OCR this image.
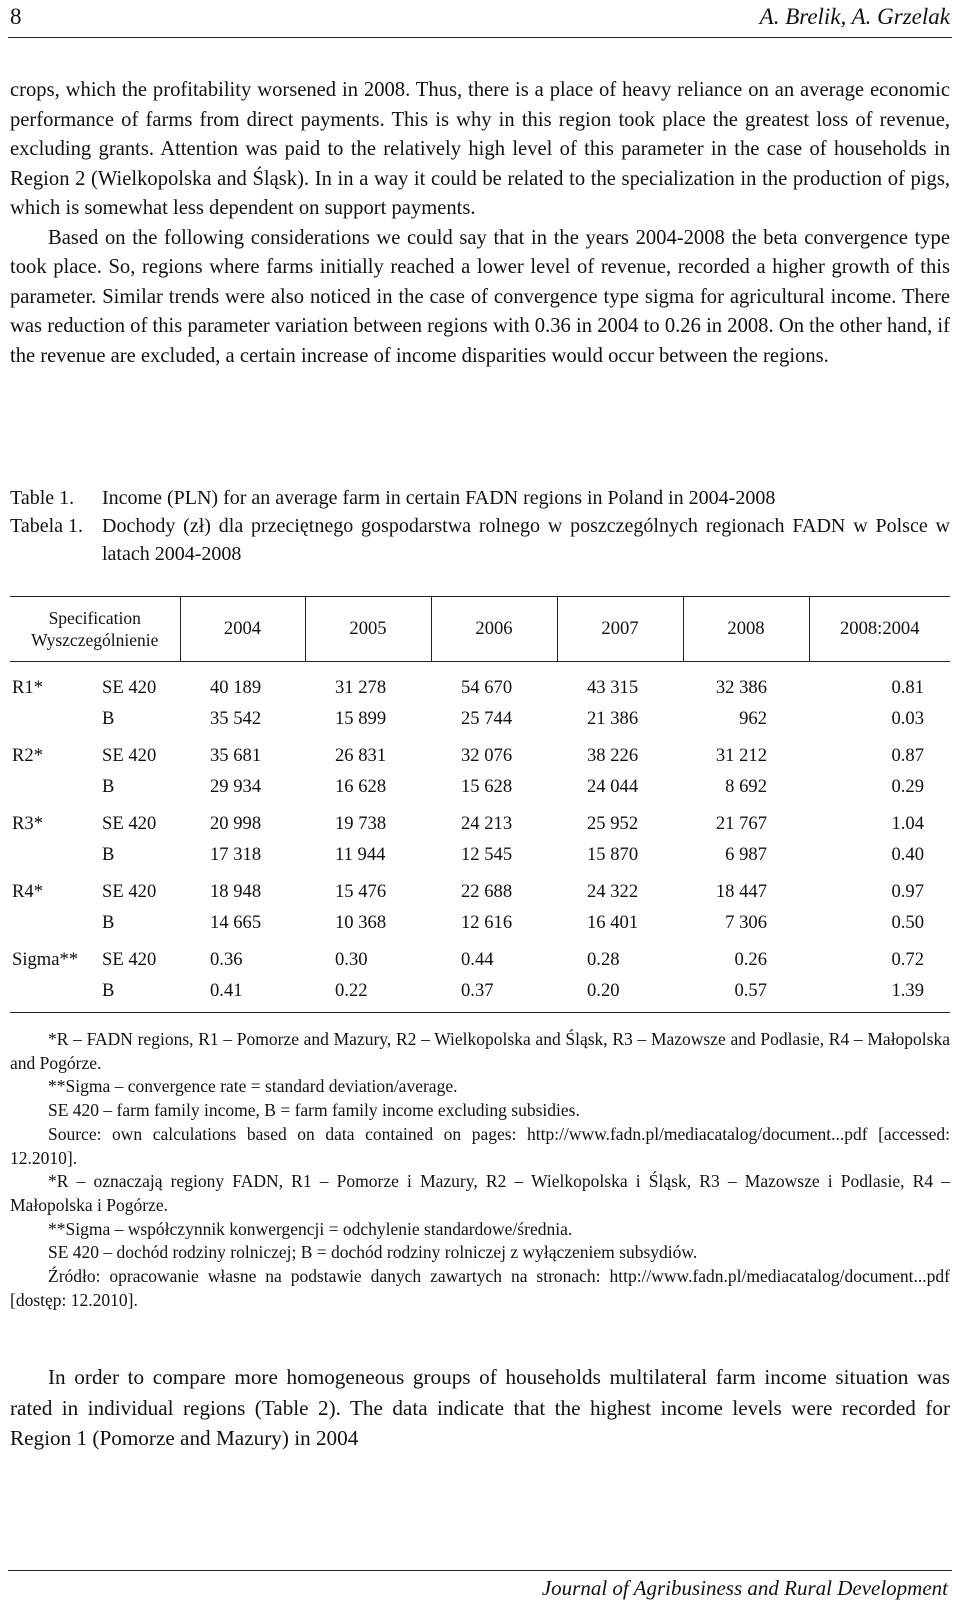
8	A. Brelik, A. Grzelak

crops, which the profitability worsened in 2008. Thus, there is a place of heavy reliance on an average economic performance of farms from direct payments. This is why in this region took place the greatest loss of revenue, excluding grants. Attention was paid to the relatively high level of this parameter in the case of households in Region 2 (Wielkopolska and Śląsk). In in a way it could be related to the specialization in the production of pigs, which is somewhat less dependent on support payments.

Based on the following considerations we could say that in the years 2004-2008 the beta convergence type took place. So, regions where farms initially reached a lower level of revenue, recorded a higher growth of this parameter. Similar trends were also noticed in the case of convergence type sigma for agricultural income. There was reduction of this parameter variation between regions with 0.36 in 2004 to 0.26 in 2008. On the other hand, if the revenue are excluded, a certain increase of income disparities would occur between the regions.

Table 1.	Income (PLN) for an average farm in certain FADN regions in Poland in 2004-2008
Tabela 1. Dochody (zł) dla przeciętnego gospodarstwa rolnego w poszczególnych regionach FADN w Polsce w latach 2004-2008
Specification
Wyszczególnienie		2004	2005	2006	2007	2008	2008:2004
R1*	SE 420	40 189	31 278	54 670	43 315	32 386	0.81
	B	35 542	15 899	25 744	21 386	962	0.03
R2*	SE 420	35 681	26 831	32 076	38 226	31 212	0.87
	B	29 934	16 628	15 628	24 044	8 692	0.29
R3*	SE 420	20 998	19 738	24 213	25 952	21 767	1.04
	B	17 318	11 944	12 545	15 870	6 987	0.40
R4*	SE 420	18 948	15 476	22 688	24 322	18 447	0.97
	B	14 665	10 368	12 616	16 401	7 306	0.50
Sigma**	SE 420	0.36	0.30	0.44	0.28	0.26	0.72
	B	0.41	0.22	0.37	0.20	0.57	1.39

*R – FADN regions, R1 – Pomorze and Mazury, R2 – Wielkopolska and Śląsk, R3 – Mazowsze and Podlasie, R4 – Małopolska and Pogórze.

**Sigma – convergence rate = standard deviation/average.

SE 420 – farm family income, B = farm family income excluding subsidies.

Source: own calculations based on data contained on pages: http://www.fadn.pl/mediacatalog/document...pdf [accessed: 12.2010].

*R – oznaczają regiony FADN, R1 – Pomorze i Mazury, R2 – Wielkopolska i Śląsk, R3 – Mazowsze i Podlasie, R4 – Małopolska i Pogórze.

**Sigma – współczynnik konwergencji = odchylenie standardowe/średnia.

SE 420 – dochód rodziny rolniczej; B = dochód rodziny rolniczej z wyłączeniem subsydiów.

Źródło: opracowanie własne na podstawie danych zawartych na stronach: http://www.fadn.pl/mediacatalog/document...pdf [dostęp: 12.2010].

In order to compare more homogeneous groups of households multilateral farm income situation was rated in individual regions (Table 2). The data indicate that the highest income levels were recorded for Region 1 (Pomorze and Mazury) in 2004

Journal of Agribusiness and Rural Development
